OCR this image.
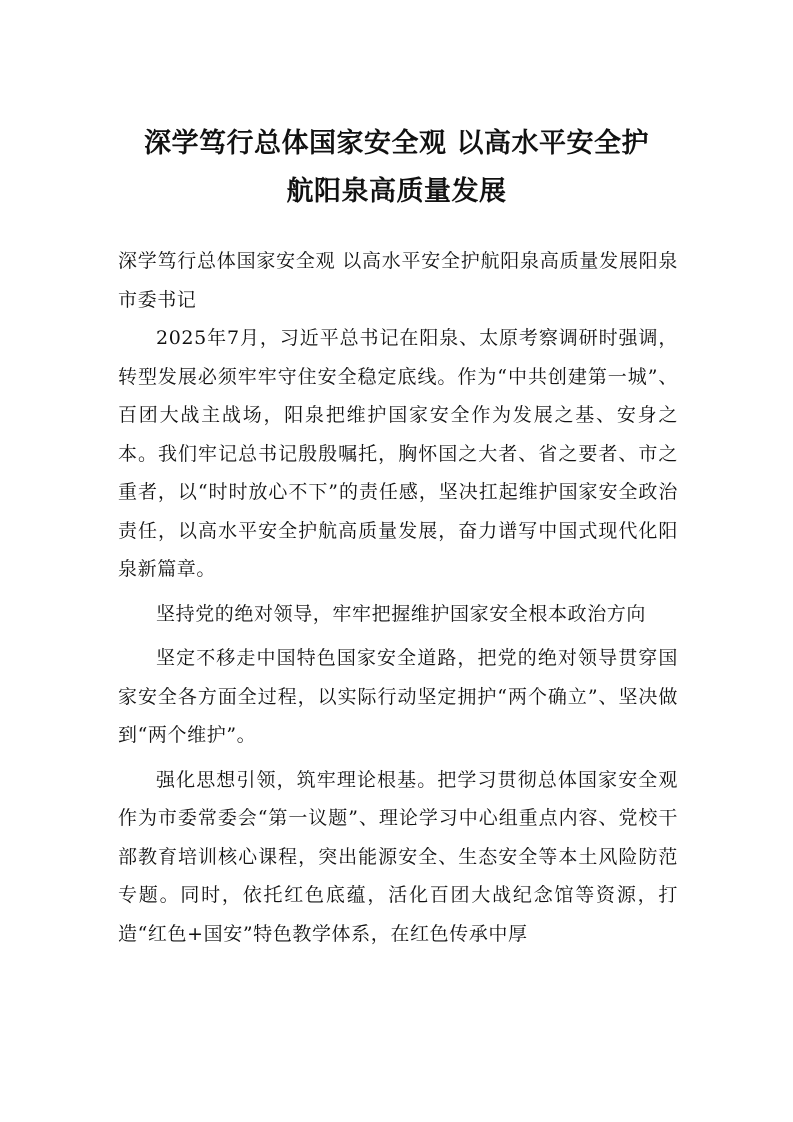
深学笃行总体国家安全观 以高水平安全护
航阳泉高质量发展

深学笃行总体国家安全观 以高水平安全护航阳泉高质量发展阳泉市委书记

2025年7月，习近平总书记在阳泉、太原考察调研时强调，转型发展必须牢牢守住安全稳定底线。作为“中共创建第一城”、百团大战主战场，阳泉把维护国家安全作为发展之基、安身之本。我们牢记总书记殷殷嘱托，胸怀国之大者、省之要者、市之重者，以“时时放心不下”的责任感，坚决扛起维护国家安全政治责任，以高水平安全护航高质量发展，奋力谱写中国式现代化阳泉新篇章。

坚持党的绝对领导，牢牢把握维护国家安全根本政治方向

坚定不移走中国特色国家安全道路，把党的绝对领导贯穿国家安全各方面全过程，以实际行动坚定拥护“两个确立”、坚决做到“两个维护”。

强化思想引领，筑牢理论根基。把学习贯彻总体国家安全观作为市委常委会“第一议题”、理论学习中心组重点内容、党校干部教育培训核心课程，突出能源安全、生态安全等本土风险防范专题。同时，依托红色底蕴，活化百团大战纪念馆等资源，打造“红色+国安”特色教学体系，在红色传承中厚
